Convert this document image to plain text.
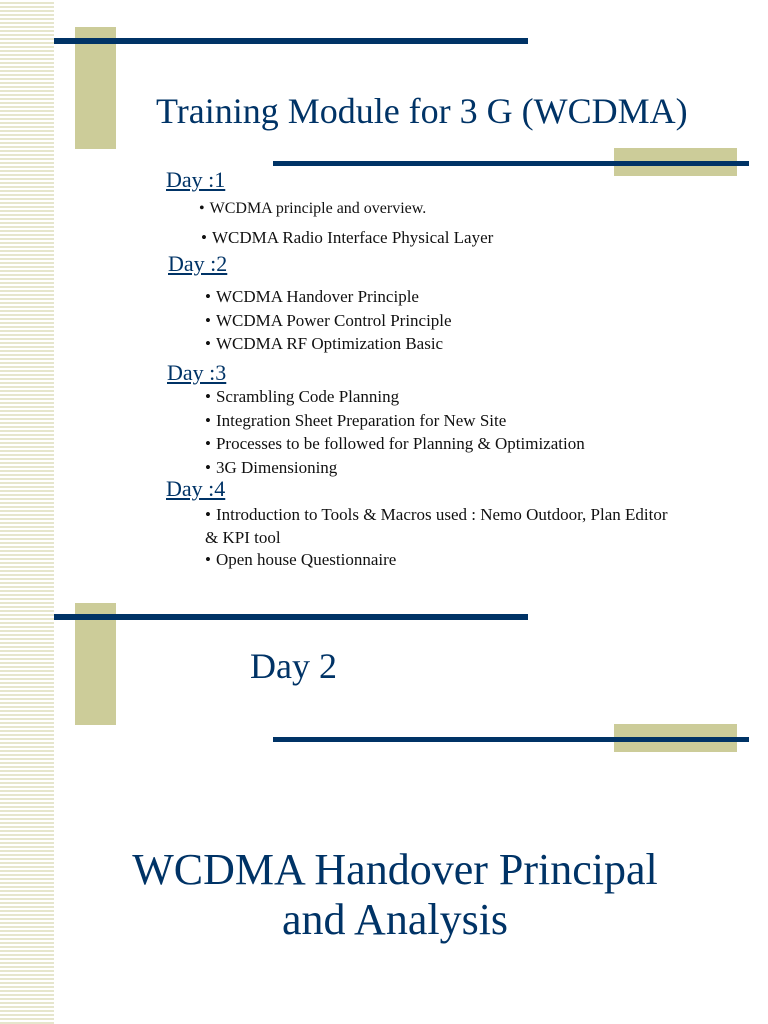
Training Module for 3 G (WCDMA)
Day :1
• WCDMA principle and overview.
• WCDMA Radio Interface Physical Layer
Day :2
• WCDMA Handover Principle
• WCDMA Power Control Principle
• WCDMA RF Optimization Basic
Day :3
• Scrambling Code Planning
• Integration Sheet Preparation for New Site
• Processes to be followed for Planning & Optimization
• 3G Dimensioning
Day :4
• Introduction to Tools & Macros used : Nemo Outdoor, Plan Editor
& KPI tool
• Open house Questionnaire
Day 2
WCDMA Handover Principal
and Analysis
